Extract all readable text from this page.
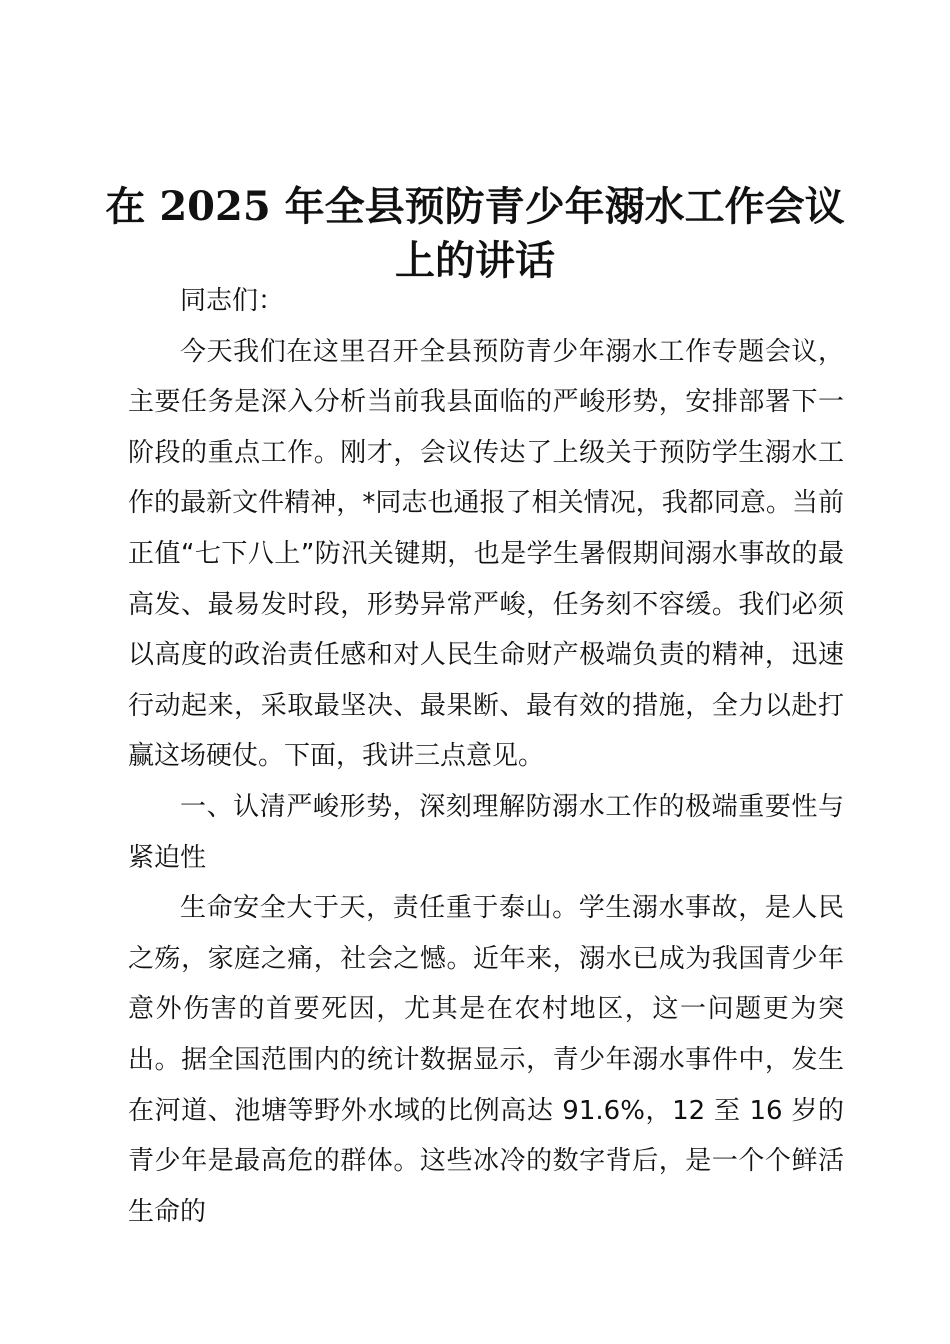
在 2025 年全县预防青少年溺水工作会议上的讲话

同志们：

今天我们在这里召开全县预防青少年溺水工作专题会议，主要任务是深入分析当前我县面临的严峻形势，安排部署下一阶段的重点工作。刚才，会议传达了上级关于预防学生溺水工作的最新文件精神，*同志也通报了相关情况，我都同意。当前正值“七下八上”防汛关键期，也是学生暑假期间溺水事故的最高发、最易发时段，形势异常严峻，任务刻不容缓。我们必须以高度的政治责任感和对人民生命财产极端负责的精神，迅速行动起来，采取最坚决、最果断、最有效的措施，全力以赴打赢这场硬仗。下面，我讲三点意见。

一、认清严峻形势，深刻理解防溺水工作的极端重要性与紧迫性

生命安全大于天，责任重于泰山。学生溺水事故，是人民之殇，家庭之痛，社会之憾。近年来，溺水已成为我国青少年意外伤害的首要死因，尤其是在农村地区，这一问题更为突出。据全国范围内的统计数据显示，青少年溺水事件中，发生在河道、池塘等野外水域的比例高达 91.6%，12 至 16 岁的青少年是最高危的群体。这些冰冷的数字背后，是一个个鲜活生命的
